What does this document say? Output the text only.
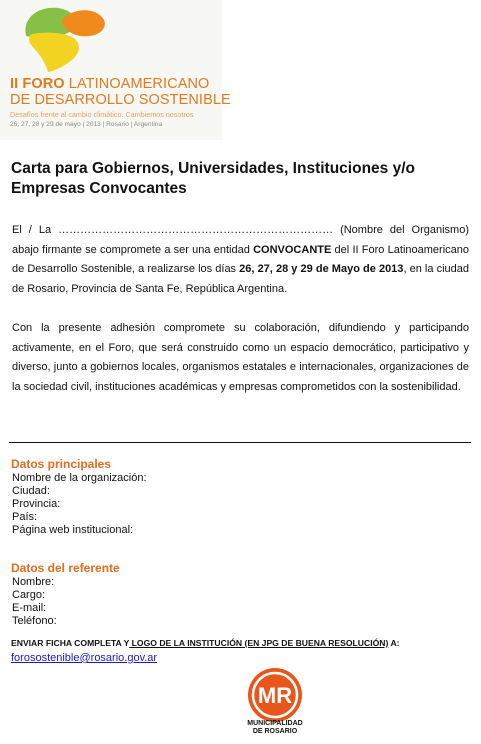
II FORO LATINOAMERICANO
DE DESARROLLO SOSTENIBLE
Desafíos frente al cambio climático. Cambiemos nosotros
26, 27, 28 y 29 de mayo | 2013 | Rosario | Argentina
Carta para Gobiernos, Universidades, Instituciones y/o Empresas Convocantes
El / La ………………………………………………………………… (Nombre del Organismo) abajo firmante se compromete a ser una entidad CONVOCANTE del II Foro Latinoamericano de Desarrollo Sostenible, a realizarse los días 26, 27, 28 y 29 de Mayo de 2013, en la ciudad de Rosario, Provincia de Santa Fe, República Argentina.
Con la presente adhesión compromete su colaboración, difundiendo y participando activamente, en el Foro, que será construido como un espacio democrático, participativo y diverso, junto a gobiernos locales, organismos estatales e internacionales, organizaciones de la sociedad civil, instituciones académicas y empresas comprometidos con la sostenibilidad.
Datos principales
Nombre de la organización:
Ciudad:
Provincia:
País:
Página web institucional:
Datos del referente
Nombre:
Cargo:
E-mail:
Teléfono:
ENVIAR FICHA COMPLETA Y LOGO DE LA INSTITUCIÓN (EN JPG DE BUENA RESOLUCIÓN) A:
forosostenible@rosario.gov.ar
MR
MUNICIPALIDAD
DE ROSARIO
